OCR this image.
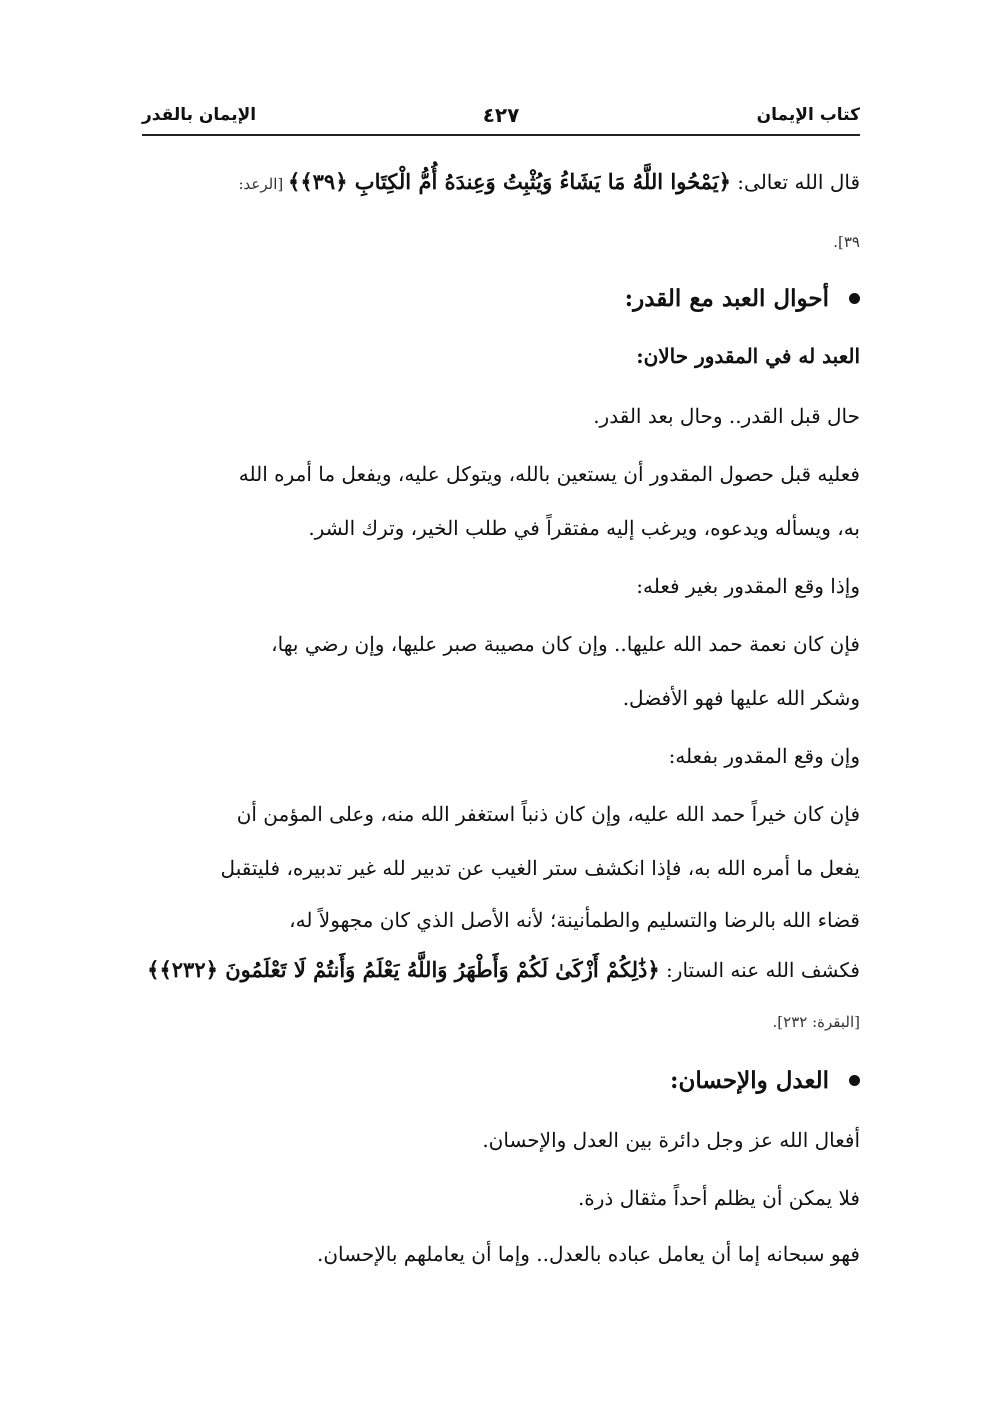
كتاب الإيمان
٤٢٧
الإيمان بالقدر
قال الله تعالى: ﴿يَمْحُوا اللَّهُ مَا يَشَاءُ وَيُثْبِتُ وَعِندَهُ أُمُّ الْكِتَابِ ﴿٣٩﴾﴾ [الرعد:
٣٩].
أحوال العبد مع القدر:
العبد له في المقدور حالان:
حال قبل القدر.. وحال بعد القدر.
فعليه قبل حصول المقدور أن يستعين بالله، ويتوكل عليه، ويفعل ما أمره الله
به، ويسأله ويدعوه، ويرغب إليه مفتقراً في طلب الخير، وترك الشر.
وإذا وقع المقدور بغير فعله:
فإن كان نعمة حمد الله عليها.. وإن كان مصيبة صبر عليها، وإن رضي بها،
وشكر الله عليها فهو الأفضل.
وإن وقع المقدور بفعله:
فإن كان خيراً حمد الله عليه، وإن كان ذنباً استغفر الله منه، وعلى المؤمن أن
يفعل ما أمره الله به، فإذا انكشف ستر الغيب عن تدبير لله غير تدبيره، فليتقبل
قضاء الله بالرضا والتسليم والطمأنينة؛ لأنه الأصل الذي كان مجهولاً له،
فكشف الله عنه الستار: ﴿ذَٰلِكُمْ أَزْكَىٰ لَكُمْ وَأَطْهَرُ وَاللَّهُ يَعْلَمُ وَأَنتُمْ لَا تَعْلَمُونَ ﴿٢٣٢﴾﴾
[البقرة: ٢٣٢].
العدل والإحسان:
أفعال الله عز وجل دائرة بين العدل والإحسان.
فلا يمكن أن يظلم أحداً مثقال ذرة.
فهو سبحانه إما أن يعامل عباده بالعدل.. وإما أن يعاملهم بالإحسان.
